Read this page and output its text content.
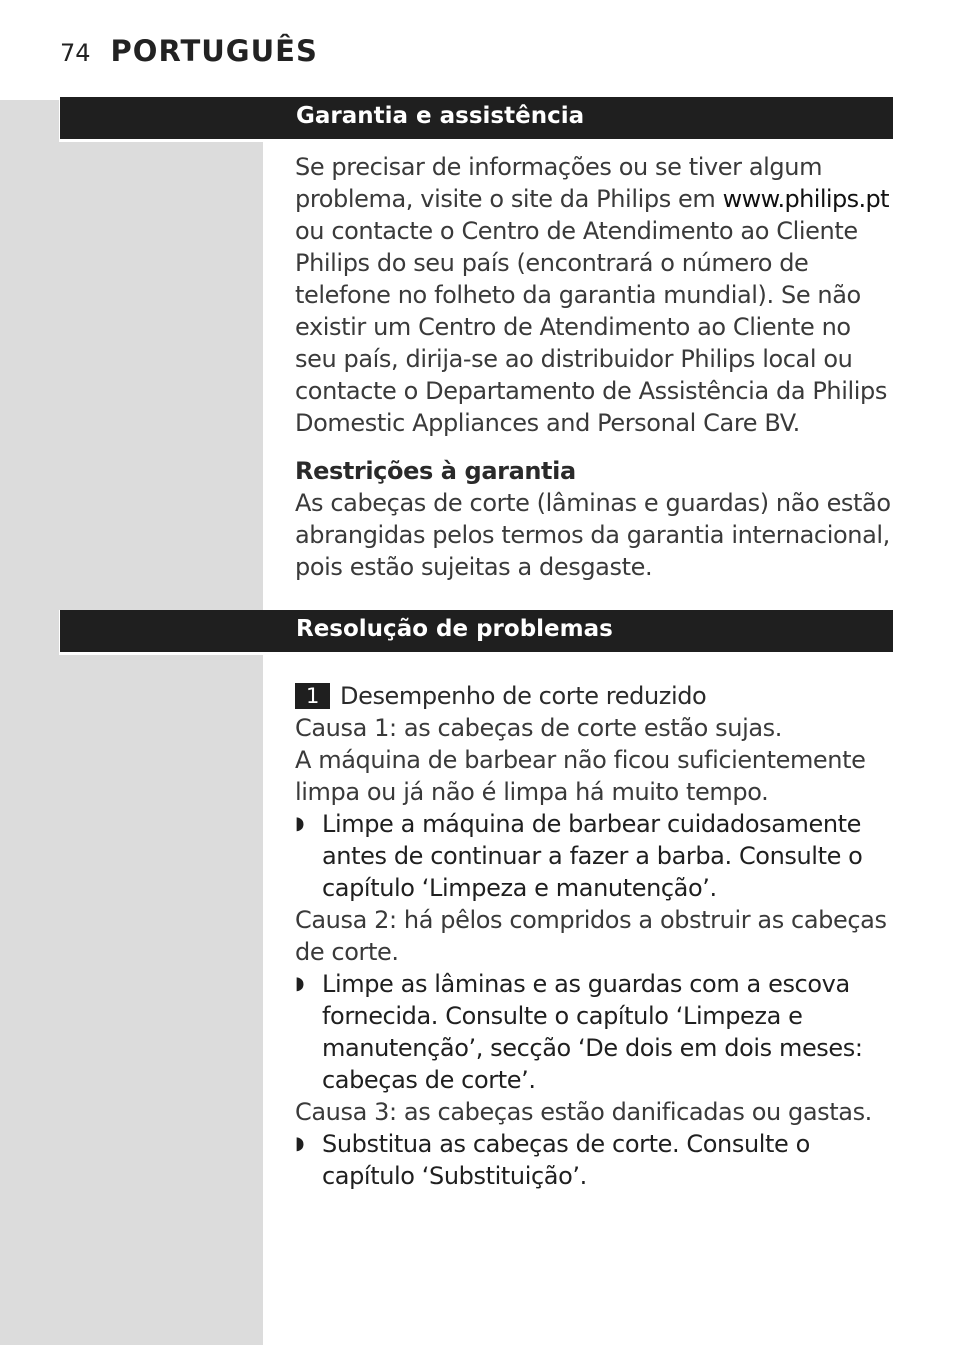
74 PORTUGUÊS
Garantia e assistência

Se precisar de informações ou se tiver algum problema, visite o site da Philips em www.philips.pt ou contacte o Centro de Atendimento ao Cliente Philips do seu país (encontrará o número de telefone no folheto da garantia mundial). Se não existir um Centro de Atendimento ao Cliente no seu país, dirija-se ao distribuidor Philips local ou contacte o Departamento de Assistência da Philips Domestic Appliances and Personal Care BV.

Restrições à garantia

As cabeças de corte (lâminas e guardas) não estão abrangidas pelos termos da garantia internacional, pois estão sujeitas a desgaste.

Resolução de problemas

1 Desempenho de corte reduzido

Causa 1: as cabeças de corte estão sujas.

A máquina de barbear não ficou suficientemente limpa ou já não é limpa há muito tempo.

◗ Limpe a máquina de barbear cuidadosamente antes de continuar a fazer a barba. Consulte o capítulo ‘Limpeza e manutenção’.

Causa 2: há pêlos compridos a obstruir as cabeças de corte.

◗ Limpe as lâminas e as guardas com a escova fornecida. Consulte o capítulo ‘Limpeza e manutenção’, secção ‘De dois em dois meses: cabeças de corte’.

Causa 3: as cabeças estão danificadas ou gastas.

◗ Substitua as cabeças de corte. Consulte o capítulo ‘Substituição’.
